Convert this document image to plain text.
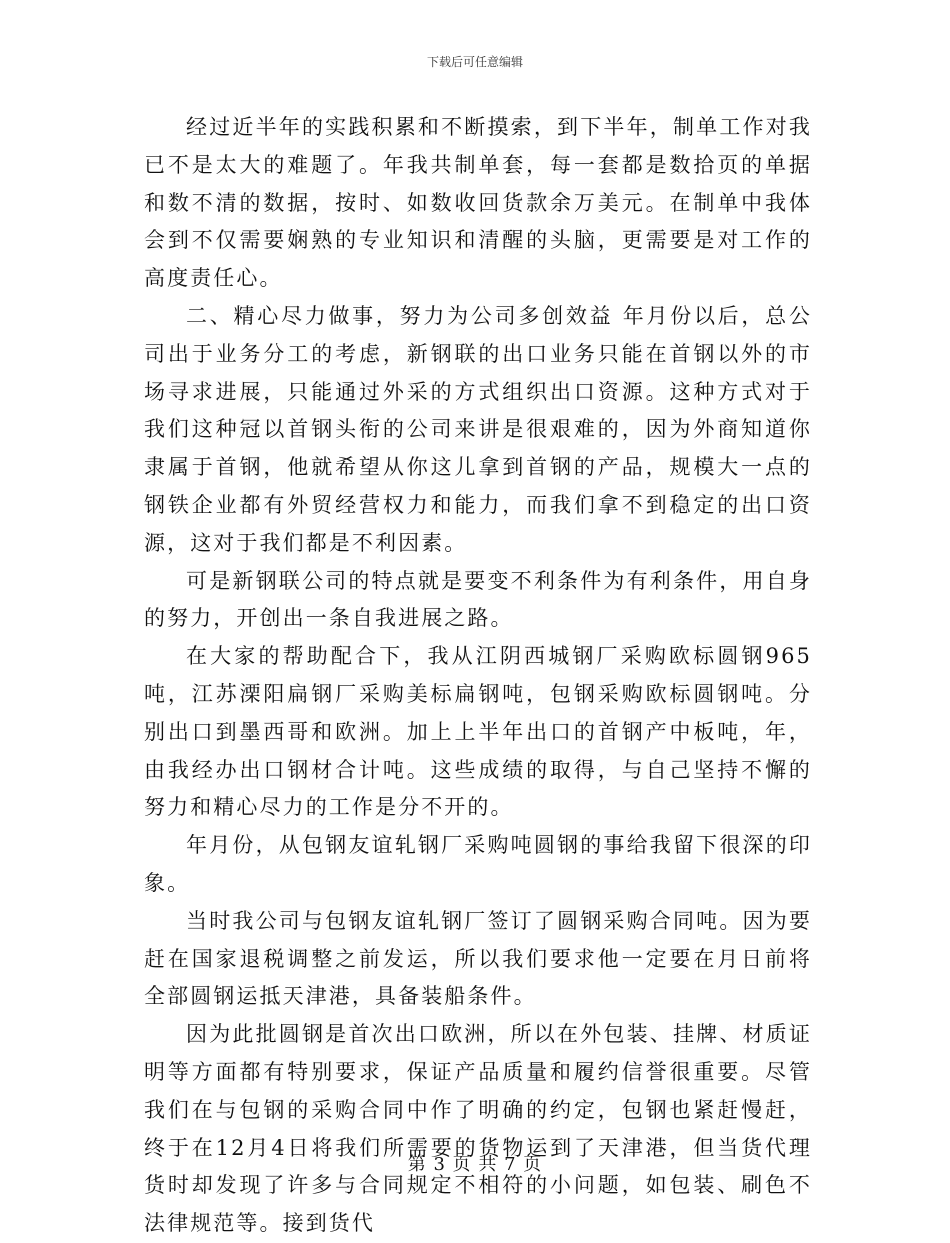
下载后可任意编辑

经过近半年的实践积累和不断摸索，到下半年，制单工作对我已不是太大的难题了。年我共制单套，每一套都是数拾页的单据和数不清的数据，按时、如数收回货款余万美元。在制单中我体会到不仅需要娴熟的专业知识和清醒的头脑，更需要是对工作的高度责任心。

二、精心尽力做事，努力为公司多创效益 年月份以后，总公司出于业务分工的考虑，新钢联的出口业务只能在首钢以外的市场寻求进展，只能通过外采的方式组织出口资源。这种方式对于我们这种冠以首钢头衔的公司来讲是很艰难的，因为外商知道你隶属于首钢，他就希望从你这儿拿到首钢的产品，规模大一点的钢铁企业都有外贸经营权力和能力，而我们拿不到稳定的出口资源，这对于我们都是不利因素。

可是新钢联公司的特点就是要变不利条件为有利条件，用自身的努力，开创出一条自我进展之路。

在大家的帮助配合下，我从江阴西城钢厂采购欧标圆钢965吨，江苏溧阳扁钢厂采购美标扁钢吨，包钢采购欧标圆钢吨。分别出口到墨西哥和欧洲。加上上半年出口的首钢产中板吨，年，由我经办出口钢材合计吨。这些成绩的取得，与自己坚持不懈的努力和精心尽力的工作是分不开的。

年月份，从包钢友谊轧钢厂采购吨圆钢的事给我留下很深的印象。

当时我公司与包钢友谊轧钢厂签订了圆钢采购合同吨。因为要赶在国家退税调整之前发运，所以我们要求他一定要在月日前将全部圆钢运抵天津港，具备装船条件。

因为此批圆钢是首次出口欧洲，所以在外包装、挂牌、材质证明等方面都有特别要求，保证产品质量和履约信誉很重要。尽管我们在与包钢的采购合同中作了明确的约定，包钢也紧赶慢赶，终于在12月4日将我们所需要的货物运到了天津港，但当货代理货时却发现了许多与合同规定不相符的小问题，如包装、刷色不法律规范等。接到货代

第 3 页 共 7 页
